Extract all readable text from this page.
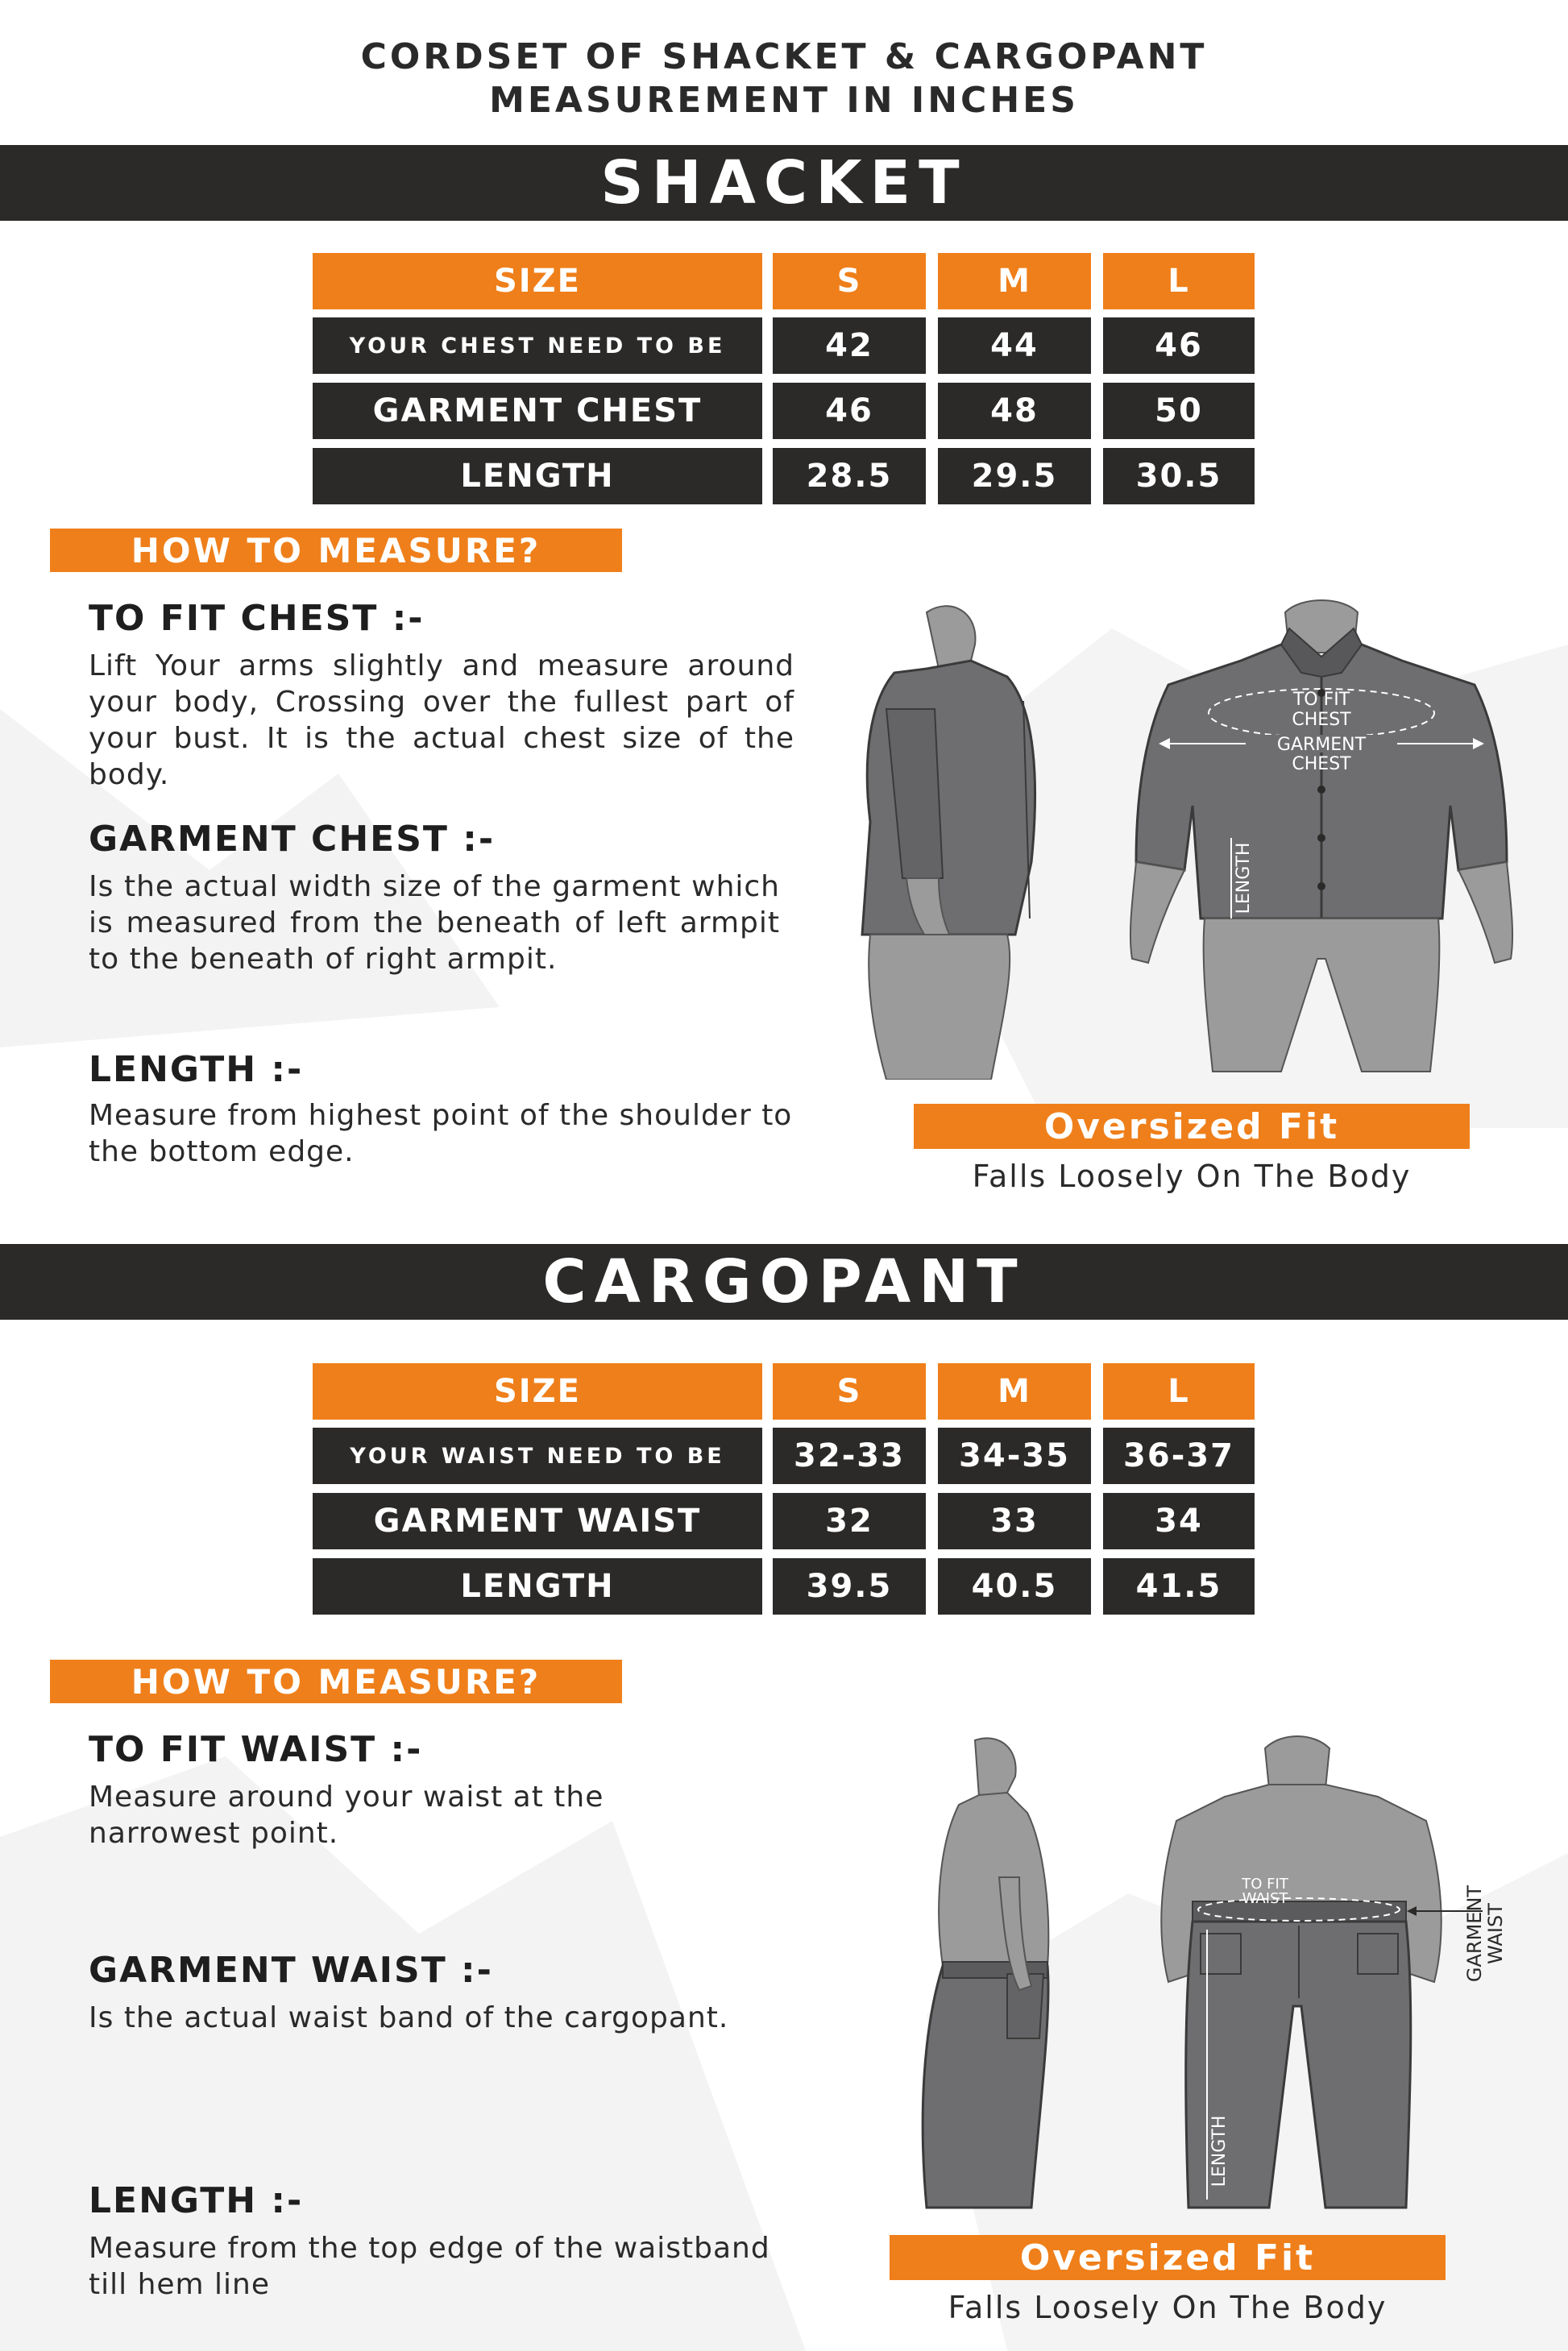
CORDSET OF SHACKET & CARGOPANT
MEASUREMENT IN INCHES
SHACKET
SIZE	S	M	L
YOUR CHEST NEED TO BE	42	44	46
GARMENT CHEST	46	48	50
LENGTH	28.5	29.5	30.5
HOW TO MEASURE?
TO FIT CHEST :-
Lift Your arms slightly and measure around your body, Crossing over the fullest part of your bust. It is the actual chest size of the body.
GARMENT CHEST :-
Is the actual width size of the garment which is measured from the beneath of left armpit to the beneath of right armpit.
LENGTH :-
Measure from highest point of the shoulder to the bottom edge.
TO FIT
CHEST
GARMENT
CHEST
LENGTH
Oversized Fit
Falls Loosely On The Body
CARGOPANT
SIZE	S	M	L
YOUR WAIST NEED TO BE	32-33	34-35	36-37
GARMENT WAIST	32	33	34
LENGTH	39.5	40.5	41.5
HOW TO MEASURE?
TO FIT WAIST :-
Measure around your waist at the narrowest point.
GARMENT WAIST :-
Is the actual waist band of the cargopant.
LENGTH :-
Measure from the top edge of the waistband till hem line
TO FIT
WAIST
LENGTH
GARMENT
WAIST
Oversized Fit
Falls Loosely On The Body
